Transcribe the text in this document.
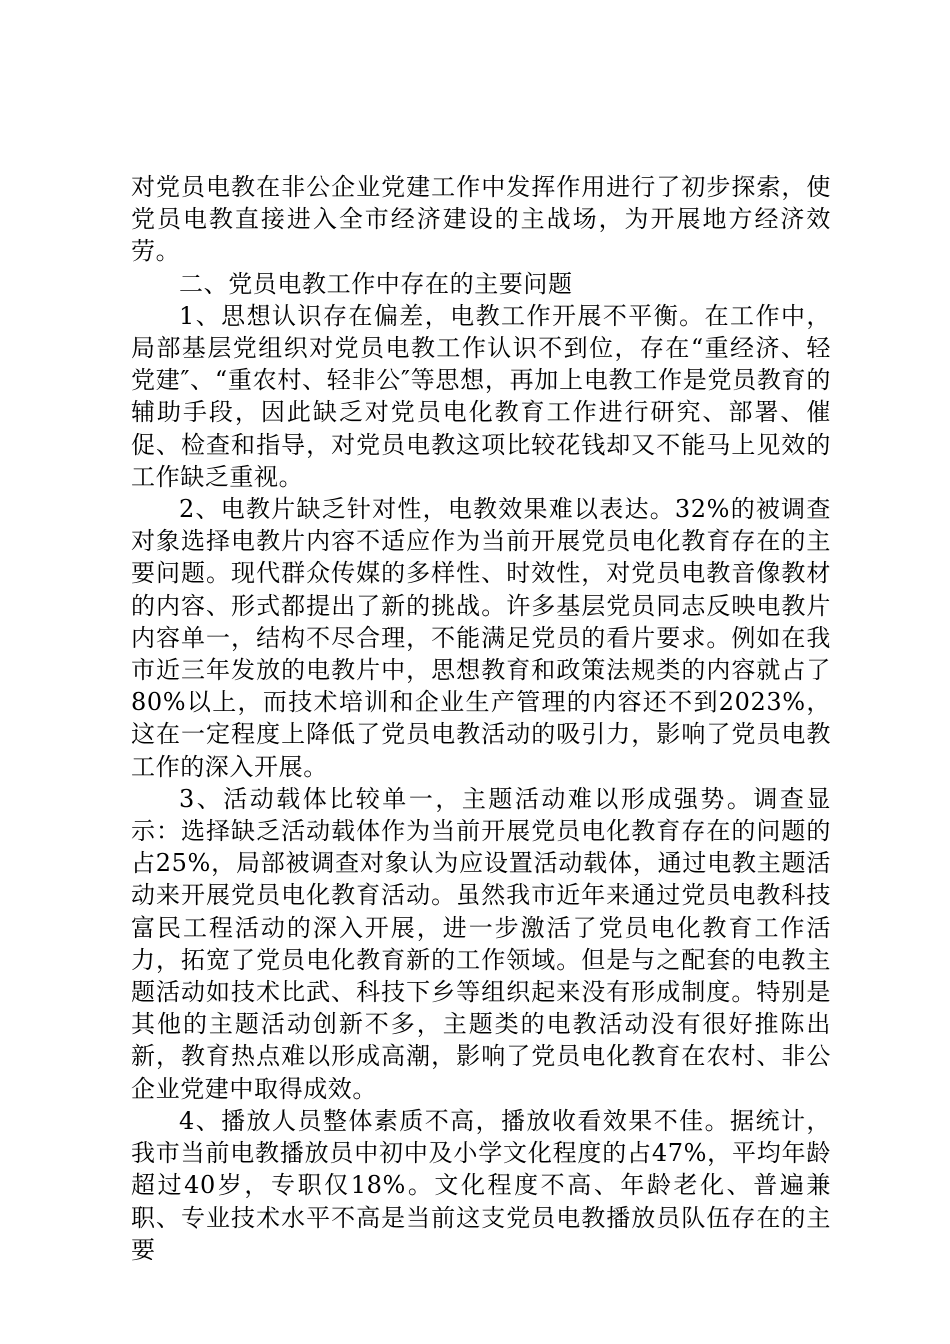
对党员电教在非公企业党建工作中发挥作用进行了初步探索，使党员电教直接进入全市经济建设的主战场，为开展地方经济效劳。

二、党员电教工作中存在的主要问题

1、思想认识存在偏差，电教工作开展不平衡。在工作中，局部基层党组织对党员电教工作认识不到位，存在“重经济、轻党建″、“重农村、轻非公″等思想，再加上电教工作是党员教育的辅助手段，因此缺乏对党员电化教育工作进行研究、部署、催促、检查和指导，对党员电教这项比较花钱却又不能马上见效的工作缺乏重视。

2、电教片缺乏针对性，电教效果难以表达。32%的被调查对象选择电教片内容不适应作为当前开展党员电化教育存在的主要问题。现代群众传媒的多样性、时效性，对党员电教音像教材的内容、形式都提出了新的挑战。许多基层党员同志反映电教片内容单一，结构不尽合理，不能满足党员的看片要求。例如在我市近三年发放的电教片中，思想教育和政策法规类的内容就占了80%以上，而技术培训和企业生产管理的内容还不到2023%，这在一定程度上降低了党员电教活动的吸引力，影响了党员电教工作的深入开展。

3、活动载体比较单一，主题活动难以形成强势。调查显示：选择缺乏活动载体作为当前开展党员电化教育存在的问题的占25%，局部被调查对象认为应设置活动载体，通过电教主题活动来开展党员电化教育活动。虽然我市近年来通过党员电教科技富民工程活动的深入开展，进一步激活了党员电化教育工作活力，拓宽了党员电化教育新的工作领域。但是与之配套的电教主题活动如技术比武、科技下乡等组织起来没有形成制度。特别是其他的主题活动创新不多，主题类的电教活动没有很好推陈出新，教育热点难以形成高潮，影响了党员电化教育在农村、非公企业党建中取得成效。

4、播放人员整体素质不高，播放收看效果不佳。据统计，我市当前电教播放员中初中及小学文化程度的占47%，平均年龄超过40岁，专职仅18%。文化程度不高、年龄老化、普遍兼职、专业技术水平不高是当前这支党员电教播放员队伍存在的主要
